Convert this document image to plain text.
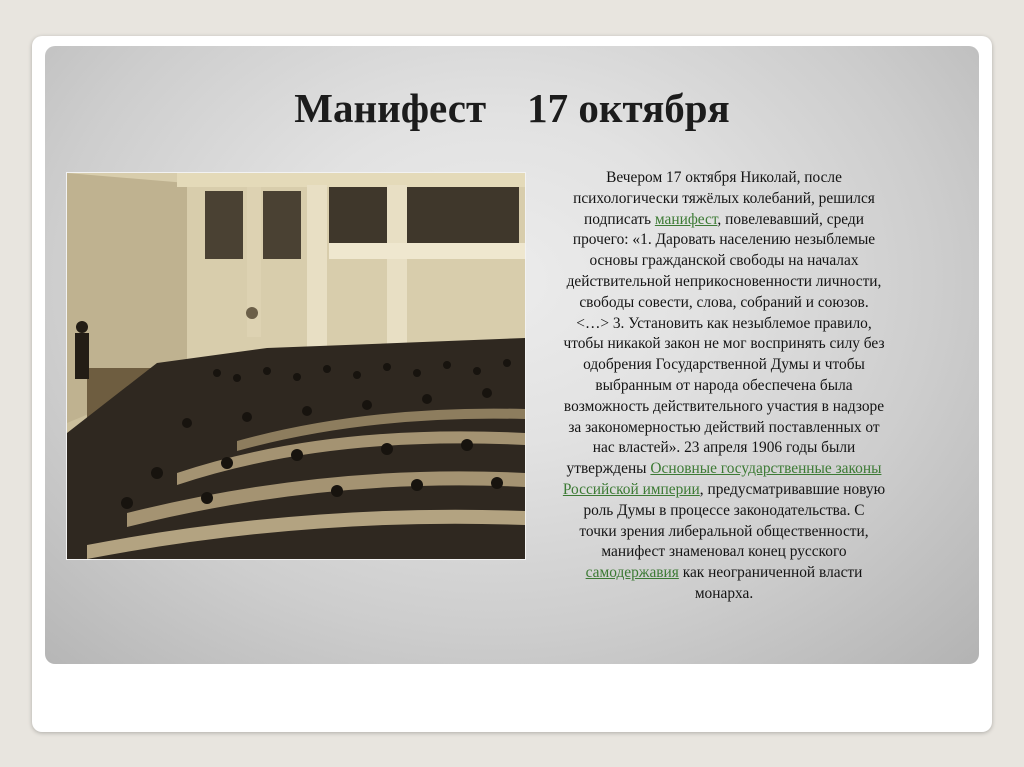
Манифест    17 октября
Вечером 17 октября Николай, после
психологически тяжёлых колебаний, решился
подписать манифест, повелевавший, среди
прочего: «1. Даровать населению незыблемые
основы гражданской свободы на началах
действительной неприкосновенности личности,
свободы совести, слова, собраний и союзов.
<…> 3. Установить как незыблемое правило,
чтобы никакой закон не мог воспринять силу без
одобрения Государственной Думы и чтобы
выбранным от народа обеспечена была
возможность действительного участия в надзоре
за закономерностью действий поставленных от
нас властей». 23 апреля 1906 годы были
утверждены Основные государственные законы
Российской империи, предусматривавшие новую
роль Думы в процессе законодательства. С
точки зрения либеральной общественности,
манифест знаменовал конец русского
самодержавия как неограниченной власти
монарха.
